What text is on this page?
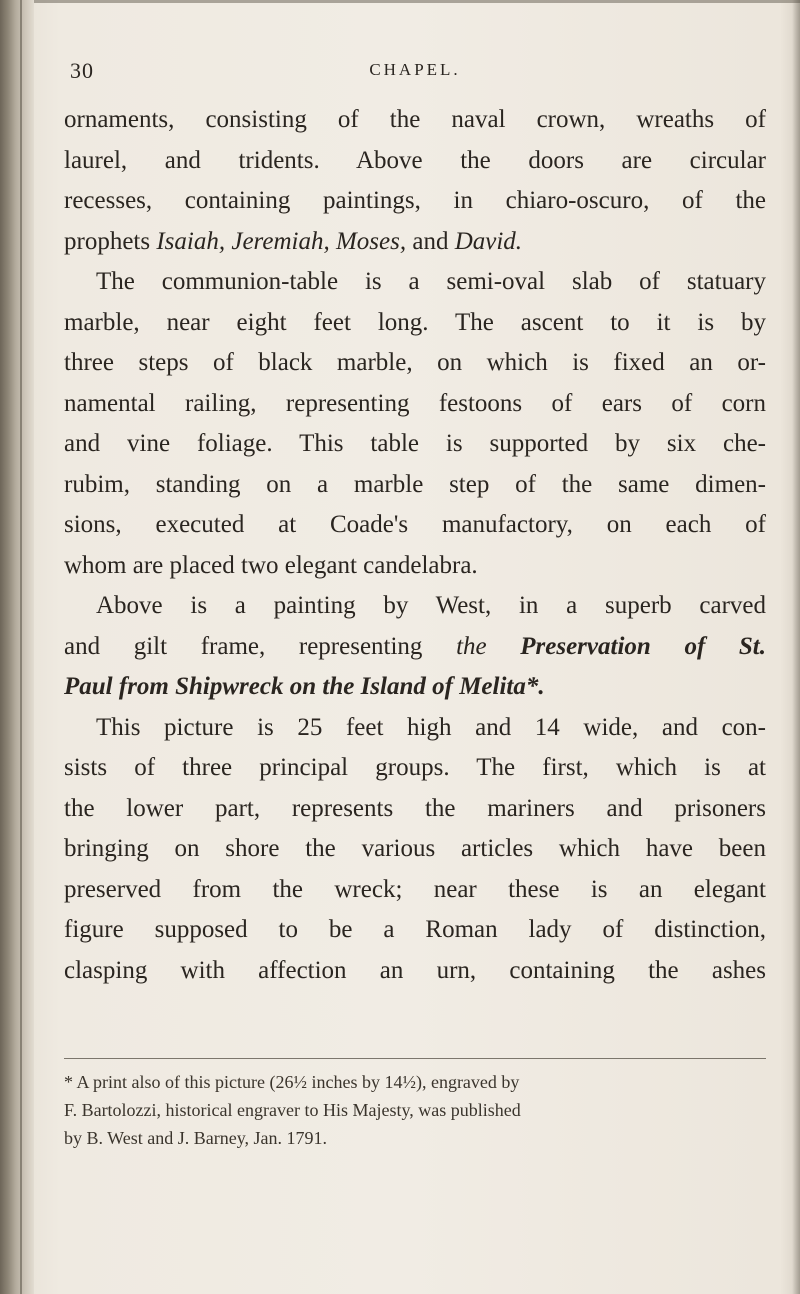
30	CHAPEL.
ornaments, consisting of the naval crown, wreaths of
laurel, and tridents. Above the doors are circular
recesses, containing paintings, in chiaro-oscuro, of the
prophets Isaiah, Jeremiah, Moses, and David.
The communion-table is a semi-oval slab of statuary
marble, near eight feet long. The ascent to it is by
three steps of black marble, on which is fixed an or-
namental railing, representing festoons of ears of corn
and vine foliage. This table is supported by six che-
rubim, standing on a marble step of the same dimen-
sions, executed at Coade's manufactory, on each of
whom are placed two elegant candelabra.
Above is a painting by West, in a superb carved
and gilt frame, representing the Preservation of St.
Paul from Shipwreck on the Island of Melita*.
This picture is 25 feet high and 14 wide, and con-
sists of three principal groups. The first, which is at
the lower part, represents the mariners and prisoners
bringing on shore the various articles which have been
preserved from the wreck; near these is an elegant
figure supposed to be a Roman lady of distinction,
clasping with affection an urn, containing the ashes
* A print also of this picture (26½ inches by 14½), engraved by
F. Bartolozzi, historical engraver to His Majesty, was published
by B. West and J. Barney, Jan. 1791.
